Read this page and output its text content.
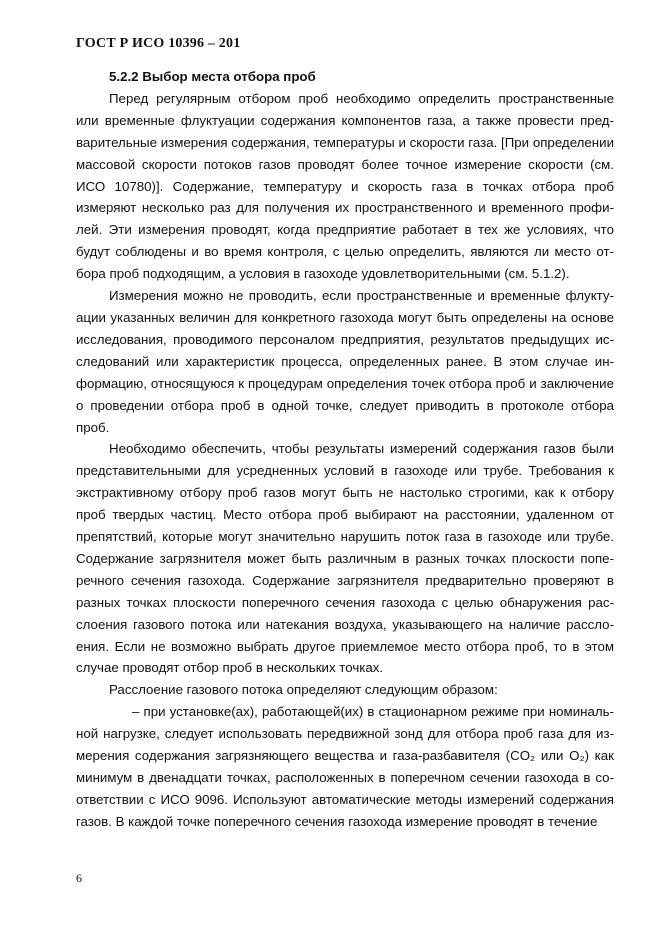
ГОСТ Р ИСО 10396 – 201

5.2.2 Выбор места отбора проб

Перед регулярным отбором проб необходимо определить пространственные или временные флуктуации содержания компонентов газа, а также провести предварительные измерения содержания, температуры и скорости газа. [При определении массовой скорости потоков газов проводят более точное измерение скорости (см. ИСО 10780)]. Содержание, температуру и скорость газа в точках отбора проб измеряют несколько раз для получения их пространственного и временного профилей. Эти измерения проводят, когда предприятие работает в тех же условиях, что будут соблюдены и во время контроля, с целью определить, являются ли место отбора проб подходящим, а условия в газоходе удовлетворительными (см. 5.1.2).

Измерения можно не проводить, если пространственные и временные флуктуации указанных величин для конкретного газохода могут быть определены на основе исследования, проводимого персоналом предприятия, результатов предыдущих исследований или характеристик процесса, определенных ранее. В этом случае информацию, относящуюся к процедурам определения точек отбора проб и заключение о проведении отбора проб в одной точке, следует приводить в протоколе отбора проб.

Необходимо обеспечить, чтобы результаты измерений содержания газов были представительными для усредненных условий в газоходе или трубе. Требования к экстрактивному отбору проб газов могут быть не настолько строгими, как к отбору проб твердых частиц. Место отбора проб выбирают на расстоянии, удаленном от препятствий, которые могут значительно нарушить поток газа в газоходе или трубе. Содержание загрязнителя может быть различным в разных точках плоскости поперечного сечения газохода. Содержание загрязнителя предварительно проверяют в разных точках плоскости поперечного сечения газохода с целью обнаружения расслоения газового потока или натекания воздуха, указывающего на наличие расслоения. Если не возможно выбрать другое приемлемое место отбора проб, то в этом случае проводят отбор проб в нескольких точках.

Расслоение газового потока определяют следующим образом:

– при установке(ах), работающей(их) в стационарном режиме при номинальной нагрузке, следует использовать передвижной зонд для отбора проб газа для измерения содержания загрязняющего вещества и газа-разбавителя (CO₂ или O₂) как минимум в двенадцати точках, расположенных в поперечном сечении газохода в соответствии с ИСО 9096. Используют автоматические методы измерений содержания газов. В каждой точке поперечного сечения газохода измерение проводят в течение

6
